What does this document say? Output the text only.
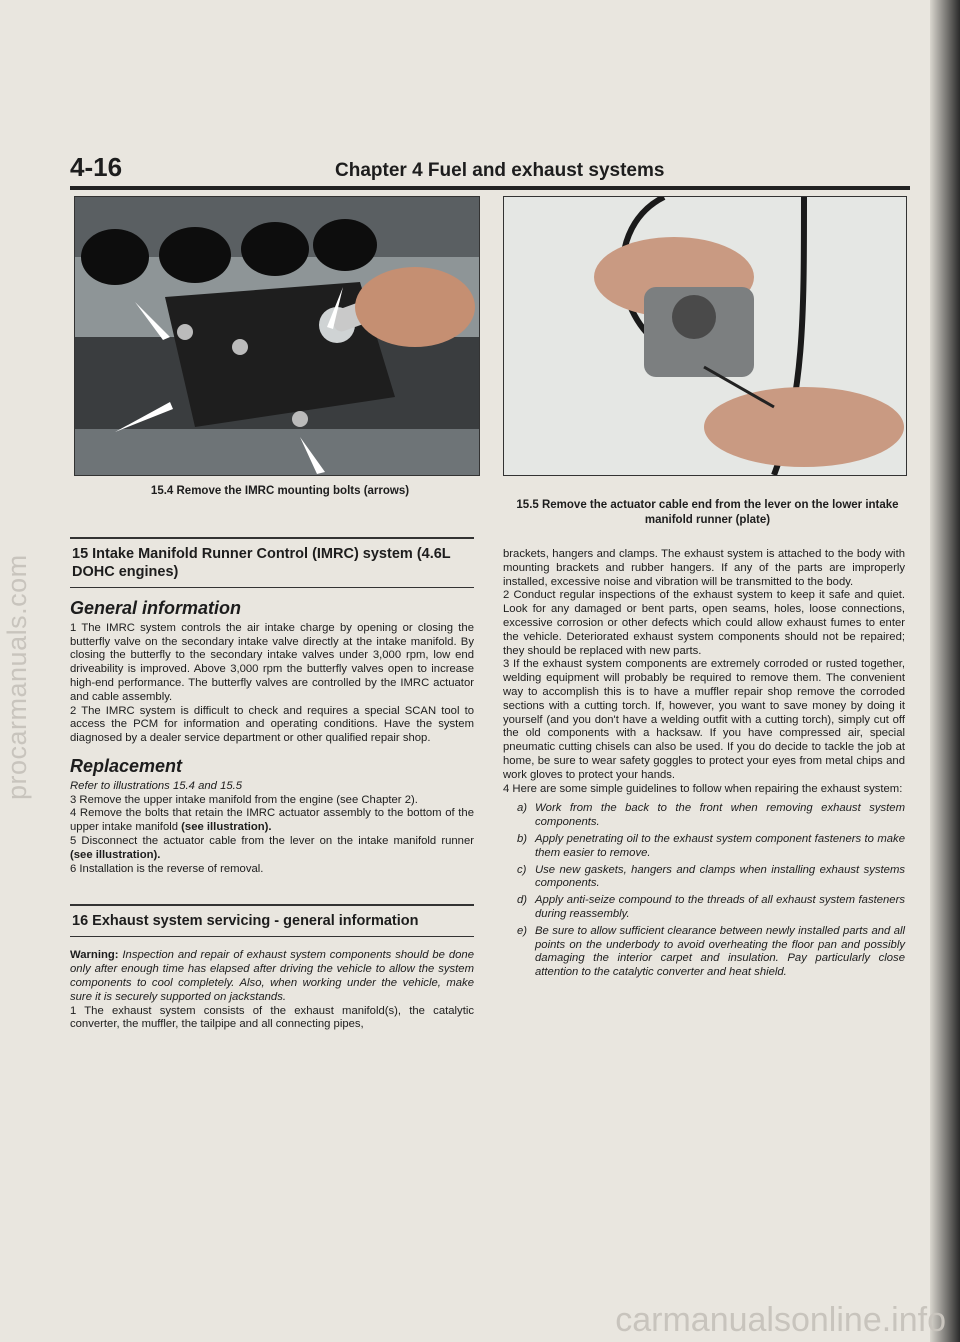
procarmanuals.com
carmanualsonline.info
4-16	Chapter 4 Fuel and exhaust systems
15.4 Remove the IMRC mounting bolts (arrows)
15.5 Remove the actuator cable end from the lever on the lower intake manifold runner (plate)
15 Intake Manifold Runner Control (IMRC) system (4.6L DOHC engines)
General information

1 The IMRC system controls the air intake charge by opening or closing the butterfly valve on the secondary intake valve directly at the intake manifold. By closing the butterfly to the secondary intake valves under 3,000 rpm, low end driveability is improved. Above 3,000 rpm the butterfly valves open to increase high-end performance. The butterfly valves are controlled by the IMRC actuator and cable assembly.

2 The IMRC system is difficult to check and requires a special SCAN tool to access the PCM for information and operating conditions. Have the system diagnosed by a dealer service department or other qualified repair shop.

Replacement

Refer to illustrations 15.4 and 15.5

3 Remove the upper intake manifold from the engine (see Chapter 2).

4 Remove the bolts that retain the IMRC actuator assembly to the bottom of the upper intake manifold (see illustration).

5 Disconnect the actuator cable from the lever on the intake manifold runner (see illustration).

6 Installation is the reverse of removal.

16 Exhaust system servicing - general information

Warning: Inspection and repair of exhaust system components should be done only after enough time has elapsed after driving the vehicle to allow the system components to cool completely. Also, when working under the vehicle, make sure it is securely supported on jackstands.

1 The exhaust system consists of the exhaust manifold(s), the catalytic converter, the muffler, the tailpipe and all connecting pipes,

brackets, hangers and clamps. The exhaust system is attached to the body with mounting brackets and rubber hangers. If any of the parts are improperly installed, excessive noise and vibration will be transmitted to the body.

2 Conduct regular inspections of the exhaust system to keep it safe and quiet. Look for any damaged or bent parts, open seams, holes, loose connections, excessive corrosion or other defects which could allow exhaust fumes to enter the vehicle. Deteriorated exhaust system components should not be repaired; they should be replaced with new parts.

3 If the exhaust system components are extremely corroded or rusted together, welding equipment will probably be required to remove them. The convenient way to accomplish this is to have a muffler repair shop remove the corroded sections with a cutting torch. If, however, you want to save money by doing it yourself (and you don't have a welding outfit with a cutting torch), simply cut off the old components with a hacksaw. If you have compressed air, special pneumatic cutting chisels can also be used. If you do decide to tackle the job at home, be sure to wear safety goggles to protect your eyes from metal chips and work gloves to protect your hands.

4 Here are some simple guidelines to follow when repairing the exhaust system:

a) Work from the back to the front when removing exhaust system components.
b) Apply penetrating oil to the exhaust system component fasteners to make them easier to remove.
c) Use new gaskets, hangers and clamps when installing exhaust systems components.
d) Apply anti-seize compound to the threads of all exhaust system fasteners during reassembly.
e) Be sure to allow sufficient clearance between newly installed parts and all points on the underbody to avoid overheating the floor pan and possibly damaging the interior carpet and insulation. Pay particularly close attention to the catalytic converter and heat shield.
